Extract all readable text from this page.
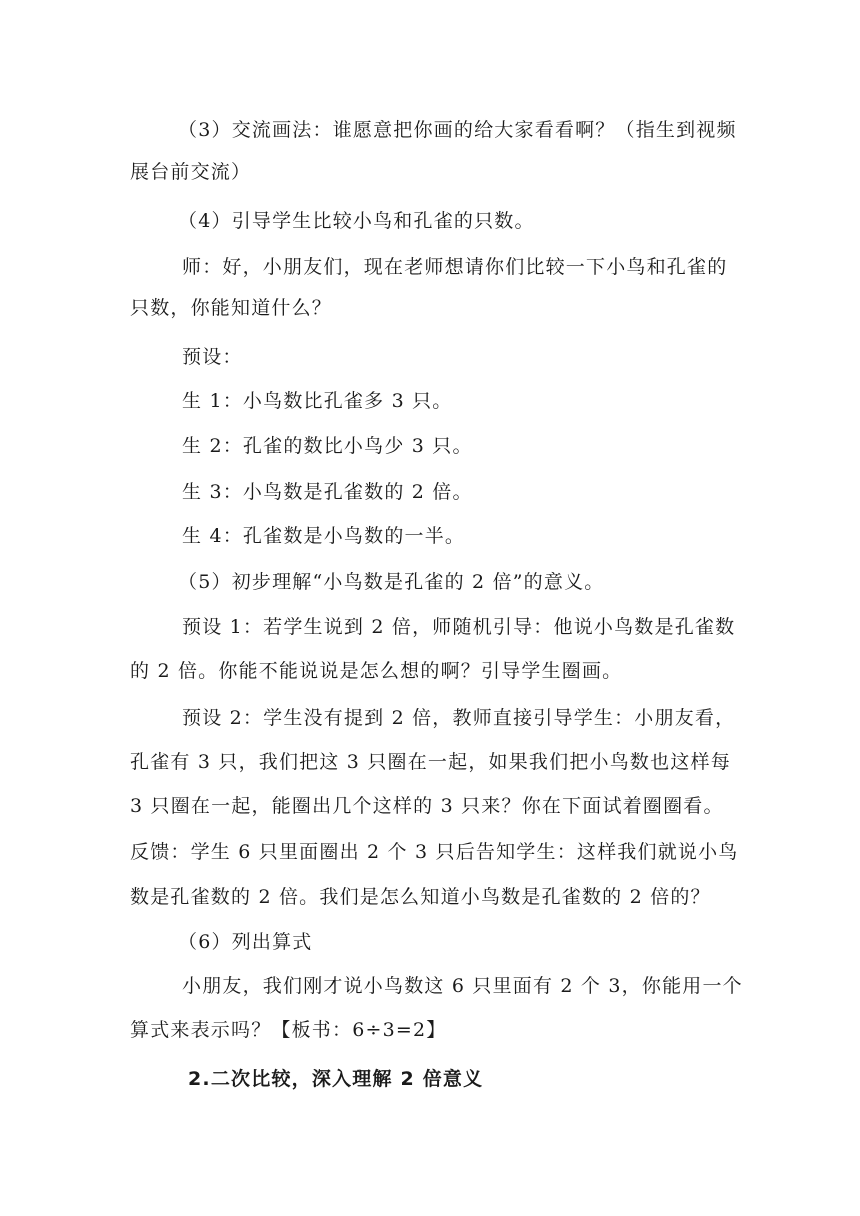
（3）交流画法：谁愿意把你画的给大家看看啊？（指生到视频
展台前交流）
（4）引导学生比较小鸟和孔雀的只数。
师：好，小朋友们，现在老师想请你们比较一下小鸟和孔雀的
只数，你能知道什么？
预设：
生 1：小鸟数比孔雀多 3 只。
生 2：孔雀的数比小鸟少 3 只。
生 3：小鸟数是孔雀数的 2 倍。
生 4：孔雀数是小鸟数的一半。
（5）初步理解“小鸟数是孔雀的 2 倍”的意义。
预设 1：若学生说到 2 倍，师随机引导：他说小鸟数是孔雀数
的 2 倍。你能不能说说是怎么想的啊？引导学生圈画。
预设 2：学生没有提到 2 倍，教师直接引导学生：小朋友看，
孔雀有 3 只，我们把这 3 只圈在一起，如果我们把小鸟数也这样每
3 只圈在一起，能圈出几个这样的 3 只来？你在下面试着圈圈看。
反馈：学生 6 只里面圈出 2 个 3 只后告知学生：这样我们就说小鸟
数是孔雀数的 2 倍。我们是怎么知道小鸟数是孔雀数的 2 倍的？
（6）列出算式
小朋友，我们刚才说小鸟数这 6 只里面有 2 个 3，你能用一个
算式来表示吗？【板书：6÷3=2】
2.二次比较，深入理解 2 倍意义
